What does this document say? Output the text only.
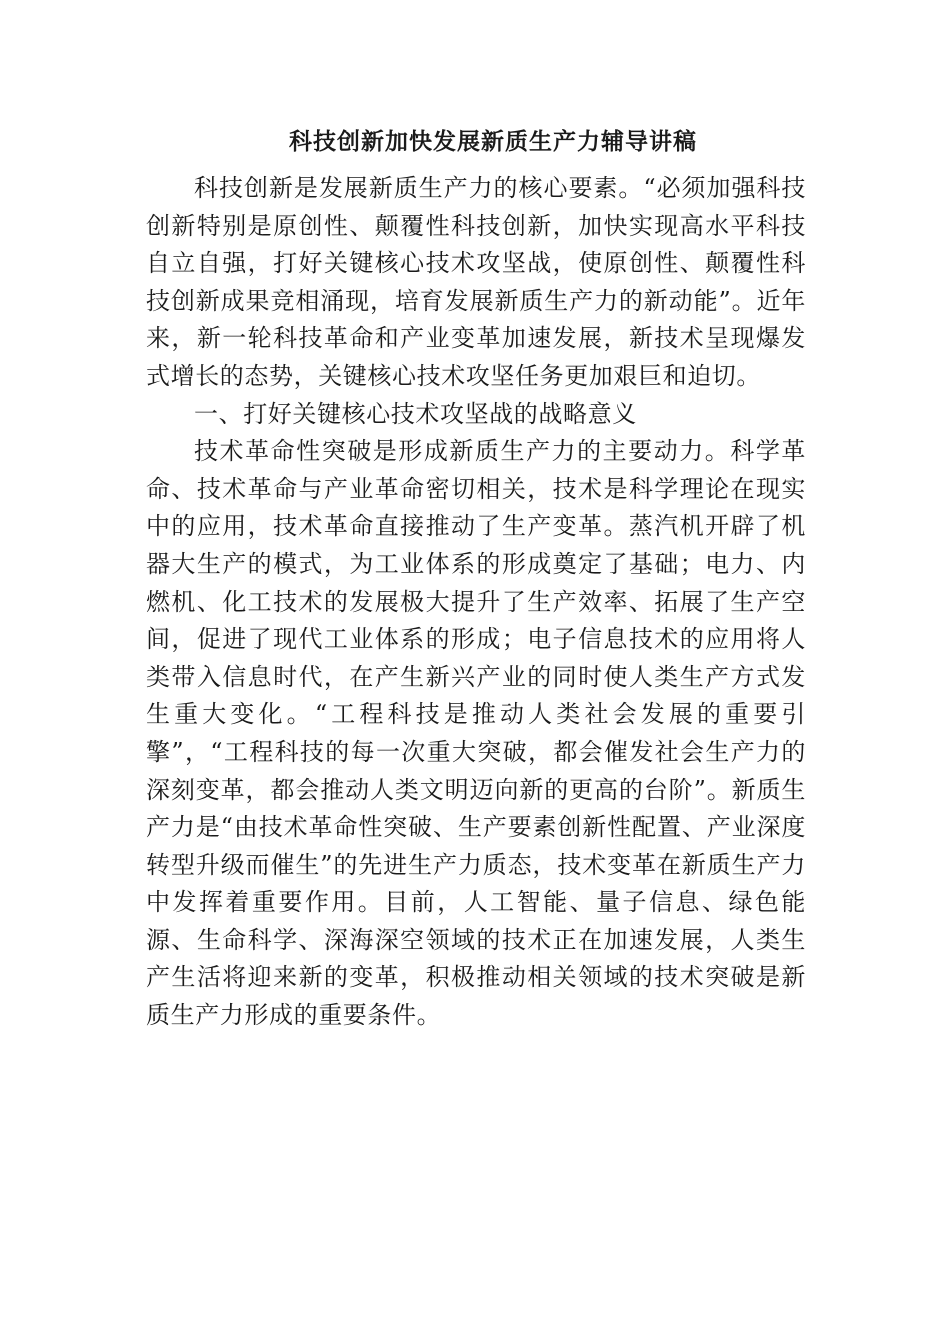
科技创新加快发展新质生产力辅导讲稿

科技创新是发展新质生产力的核心要素。“必须加强科技创新特别是原创性、颠覆性科技创新，加快实现高水平科技自立自强，打好关键核心技术攻坚战，使原创性、颠覆性科技创新成果竞相涌现，培育发展新质生产力的新动能”。近年来，新一轮科技革命和产业变革加速发展，新技术呈现爆发式增长的态势，关键核心技术攻坚任务更加艰巨和迫切。

一、打好关键核心技术攻坚战的战略意义

技术革命性突破是形成新质生产力的主要动力。科学革命、技术革命与产业革命密切相关，技术是科学理论在现实中的应用，技术革命直接推动了生产变革。蒸汽机开辟了机器大生产的模式，为工业体系的形成奠定了基础；电力、内燃机、化工技术的发展极大提升了生产效率、拓展了生产空间，促进了现代工业体系的形成；电子信息技术的应用将人类带入信息时代，在产生新兴产业的同时使人类生产方式发生重大变化。“工程科技是推动人类社会发展的重要引擎”，“工程科技的每一次重大突破，都会催发社会生产力的深刻变革，都会推动人类文明迈向新的更高的台阶”。新质生产力是“由技术革命性突破、生产要素创新性配置、产业深度转型升级而催生”的先进生产力质态，技术变革在新质生产力中发挥着重要作用。目前，人工智能、量子信息、绿色能源、生命科学、深海深空领域的技术正在加速发展，人类生产生活将迎来新的变革，积极推动相关领域的技术突破是新质生产力形成的重要条件。
